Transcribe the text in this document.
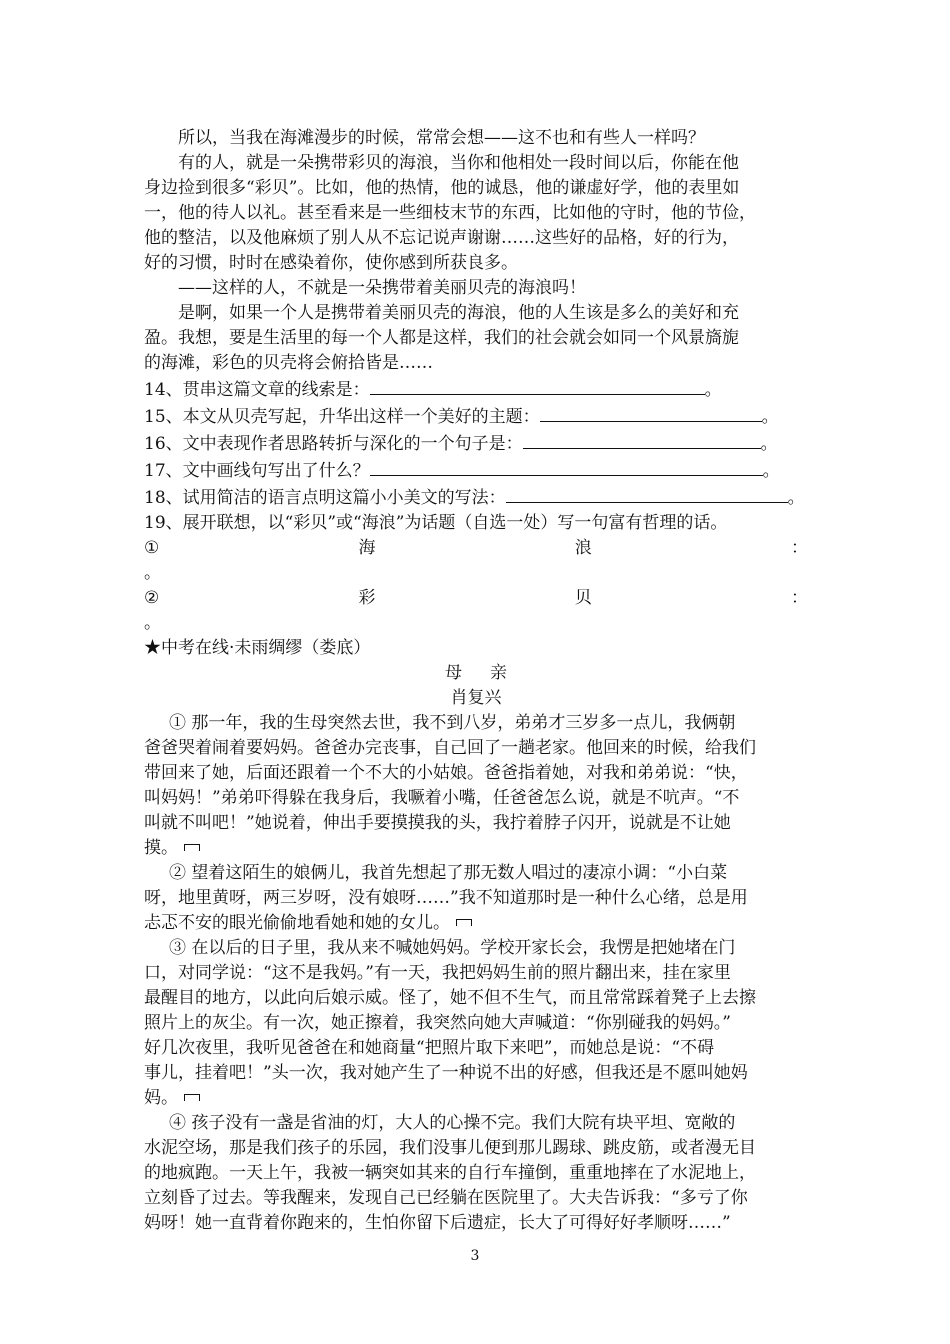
所以，当我在海滩漫步的时候，常常会想——这不也和有些人一样吗？
有的人，就是一朵携带彩贝的海浪，当你和他相处一段时间以后，你能在他
身边捡到很多“彩贝”。比如，他的热情，他的诚恳，他的谦虚好学，他的表里如
一，他的待人以礼。甚至看来是一些细枝末节的东西，比如他的守时，他的节俭，
他的整洁，以及他麻烦了别人从不忘记说声谢谢……这些好的品格，好的行为，
好的习惯，时时在感染着你，使你感到所获良多。
——这样的人，不就是一朵携带着美丽贝壳的海浪吗！
是啊，如果一个人是携带着美丽贝壳的海浪，他的人生该是多么的美好和充
盈。我想，要是生活里的每一个人都是这样，我们的社会就会如同一个风景旖旎
的海滩，彩色的贝壳将会俯拾皆是……
14、贯串这篇文章的线索是：	。
15、本文从贝壳写起，升华出这样一个美好的主题：	。
16、文中表现作者思路转折与深化的一个句子是：	。
17、文中画线句写出了什么？	。
18、试用简洁的语言点明这篇小小美文的写法：	。
19、展开联想，以“彩贝”或“海浪”为话题（自选一处）写一句富有哲理的话。
①	海	浪	：
。
②	彩	贝	：
。
★中考在线·未雨绸缪（娄底）
母亲
肖复兴
① 那一年，我的生母突然去世，我不到八岁，弟弟才三岁多一点儿，我俩朝
爸爸哭着闹着要妈妈。爸爸办完丧事，自己回了一趟老家。他回来的时候，给我们
带回来了她，后面还跟着一个不大的小姑娘。爸爸指着她，对我和弟弟说：“快，
叫妈妈！”弟弟吓得躲在我身后，我噘着小嘴，任爸爸怎么说，就是不吭声。“不
叫就不叫吧！”她说着，伸出手要摸摸我的头，我拧着脖子闪开，说就是不让她
摸。
② 望着这陌生的娘俩儿，我首先想起了那无数人唱过的凄凉小调：“小白菜
呀，地里黄呀，两三岁呀，没有娘呀……”我不知道那时是一种什么心绪，总是用
忐忑不安的眼光偷偷地看她和她的女儿。
③ 在以后的日子里，我从来不喊她妈妈。学校开家长会，我愣是把她堵在门
口，对同学说：“这不是我妈。”有一天，我把妈妈生前的照片翻出来，挂在家里
最醒目的地方，以此向后娘示威。怪了，她不但不生气，而且常常踩着凳子上去擦
照片上的灰尘。有一次，她正擦着，我突然向她大声喊道：“你别碰我的妈妈。”
好几次夜里，我听见爸爸在和她商量“把照片取下来吧”，而她总是说：“不碍
事儿，挂着吧！”头一次，我对她产生了一种说不出的好感，但我还是不愿叫她妈
妈。
④ 孩子没有一盏是省油的灯，大人的心操不完。我们大院有块平坦、宽敞的
水泥空场，那是我们孩子的乐园，我们没事儿便到那儿踢球、跳皮筋，或者漫无目
的地疯跑。一天上午，我被一辆突如其来的自行车撞倒，重重地摔在了水泥地上，
立刻昏了过去。等我醒来，发现自己已经躺在医院里了。大夫告诉我：“多亏了你
妈呀！她一直背着你跑来的，生怕你留下后遗症，长大了可得好好孝顺呀……”
3
